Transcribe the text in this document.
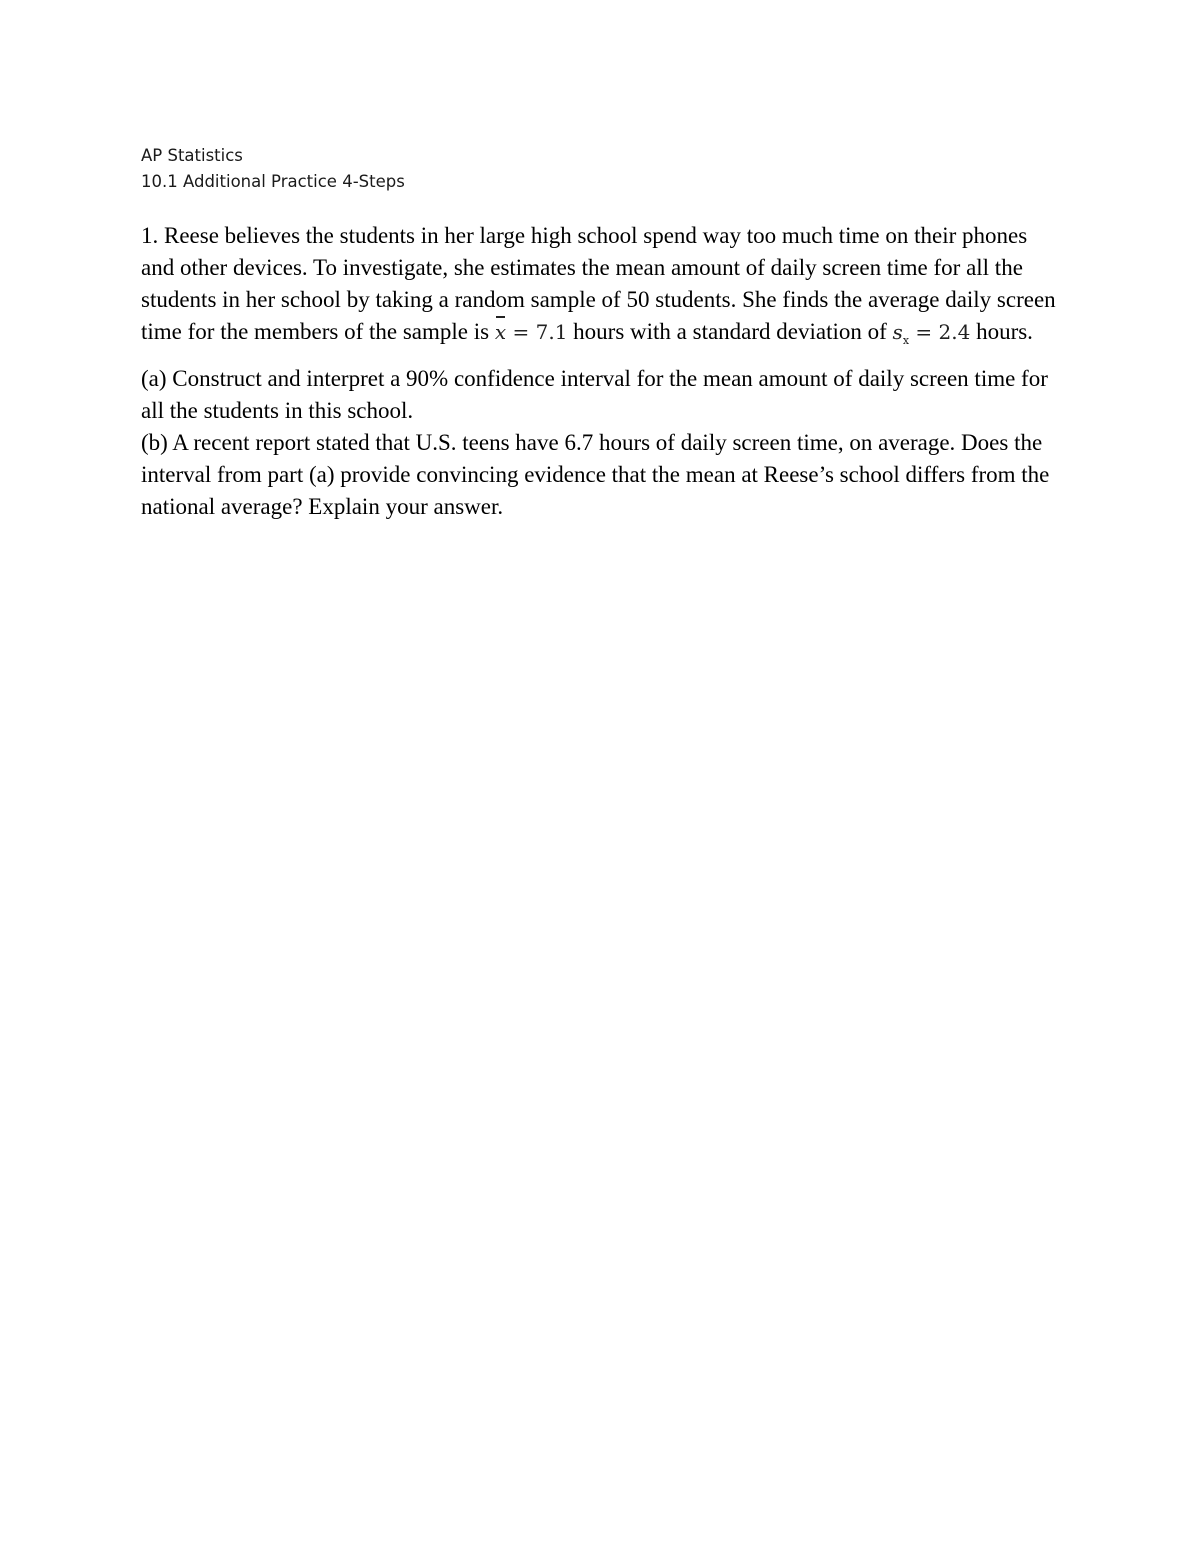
AP Statistics
10.1 Additional Practice 4-Steps

1. Reese believes the students in her large high school spend way too much time on their phones and other devices. To investigate, she estimates the mean amount of daily screen time for all the students in her school by taking a random sample of 50 students. She finds the average daily screen time for the members of the sample is x = 7.1 hours with a standard deviation of $s_x = 2.4$ hours.

(a) Construct and interpret a 90% confidence interval for the mean amount of daily screen time for all the students in this school.

(b) A recent report stated that U.S. teens have 6.7 hours of daily screen time, on average. Does the interval from part (a) provide convincing evidence that the mean at Reese’s school differs from the national average? Explain your answer.
